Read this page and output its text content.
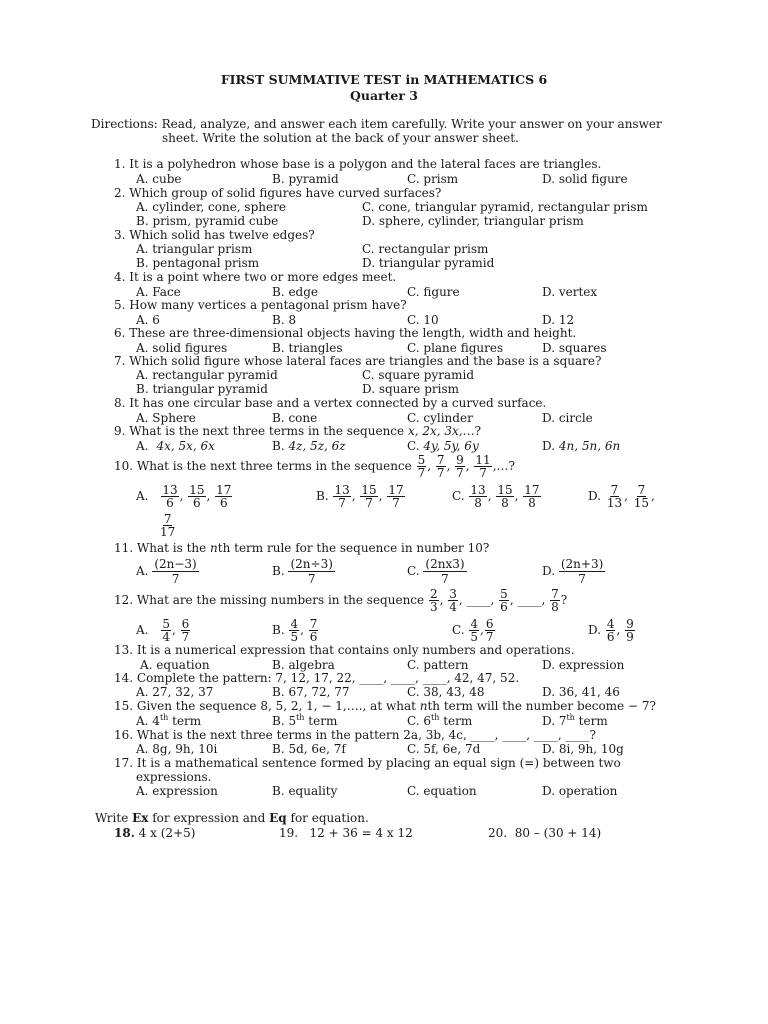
FIRST SUMMATIVE TEST in MATHEMATICS 6
Quarter 3
Directions: Read, analyze, and answer each item carefully. Write your answer on your answer
sheet. Write the solution at the back of your answer sheet.
1. It is a polyhedron whose base is a polygon and the lateral faces are triangles.
A. cube	B. pyramid	C. prism	D. solid figure
2. Which group of solid figures have curved surfaces?
A. cylinder, cone, sphere	C. cone, triangular pyramid, rectangular prism
B. prism, pyramid cube	D. sphere, cylinder, triangular prism
3. Which solid has twelve edges?
A. triangular prism	C. rectangular prism
B. pentagonal prism	D. triangular pyramid
4. It is a point where two or more edges meet.
A. Face	B. edge	C. figure	D. vertex
5. How many vertices a pentagonal prism have?
A. 6	B. 8	C. 10	D. 12
6. These are three-dimensional objects having the length, width and height.
A. solid figures	B. triangles	C. plane figures	D. squares
7. Which solid figure whose lateral faces are triangles and the base is a square?
A. rectangular pyramid	C. square pyramid
B. triangular pyramid	D. square prism
8. It has one circular base and a vertex connected by a curved surface.
A. Sphere	B. cone	C. cylinder	D. circle
9. What is the next three terms in the sequence x, 2x, 3x,…?
A. 4x, 5x, 6x	B. 4z, 5z, 6z	C. 4y, 5y, 6y	D. 4n, 5n, 6n
10. What is the next three terms in the sequence $\frac{5}{7}$ , $\frac{7}{7}$ , $\frac{9}{7}$ , $\frac{11}{7}$ ,…?
A. $\frac{13}{6}$ , $\frac{15}{6}$ , $\frac{17}{6}$	B. $\frac{13}{7}$ , $\frac{15}{7}$ , $\frac{17}{7}$	C. $\frac{13}{8}$ , $\frac{15}{8}$ , $\frac{17}{8}$	D. $\frac{7}{13}$ , $\frac{7}{15}$ ,
$\frac{7}{17}$
11. What is the nth term rule for the sequence in number 10?
A. $\frac{(2n-3)}{7}$	B. $\frac{(2n\div 3)}{7}$	C. $\frac{(2nx3)}{7}$	D. $\frac{(2n+3)}{7}$
12. What are the missing numbers in the sequence $\frac{2}{3}$ , $\frac{3}{4}$ , ____, $\frac{5}{6}$ , ____, $\frac{7}{8}$ ?
A. $\frac{5}{4}$ , $\frac{6}{7}$	B. $\frac{4}{5}$ , $\frac{7}{6}$	C. $\frac{4}{5}$ , $\frac{6}{7}$	D. $\frac{4}{6}$ , $\frac{9}{9}$
13. It is a numerical expression that contains only numbers and operations.
A. equation	B. algebra	C. pattern	D. expression
14. Complete the pattern: 7, 12, 17, 22, ____, ____, ____, 42, 47, 52.
A. 27, 32, 37	B. 67, 72, 77	C. 38, 43, 48	D. 36, 41, 46
15. Given the sequence 8, 5, 2, 1, − 1,…., at what nth term will the number become − 7?
A. 4th term	B. 5th term	C. 6th term	D. 7th term
16. What is the next three terms in the pattern 2a, 3b, 4c, ____, ____, ____, ____?
A. 8g, 9h, 10i	B. 5d, 6e, 7f	C. 5f, 6e, 7d	D. 8i, 9h, 10g
17. It is a mathematical sentence formed by placing an equal sign (=) between two
expressions.
A. expression	B. equality	C. equation	D. operation
Write Ex for expression and Eq for equation.
18. 4 x (2+5)	19. 12 + 36 = 4 x 12	20. 80 – (30 + 14)
